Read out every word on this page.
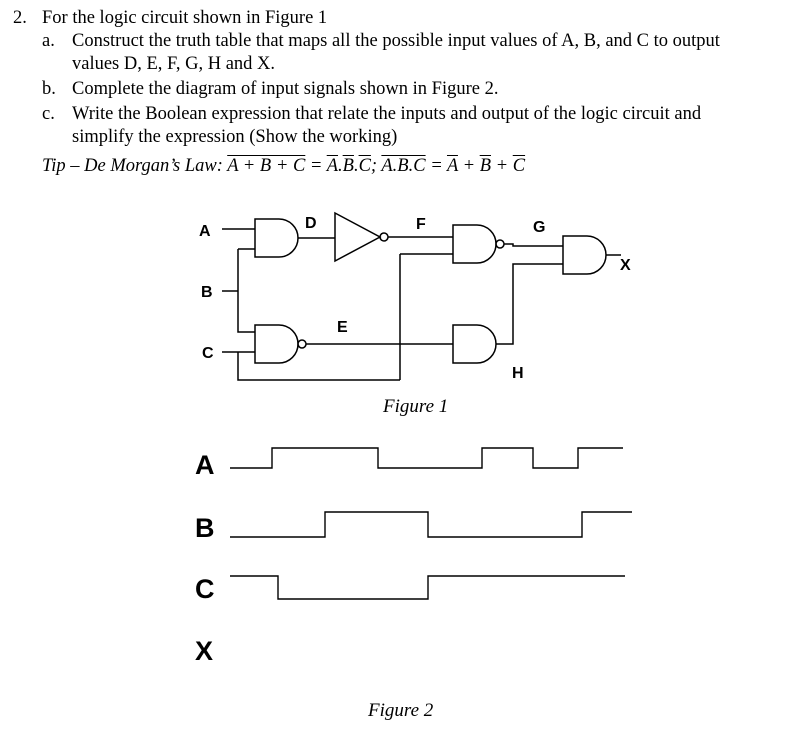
2. For the logic circuit shown in Figure 1
a. Construct the truth table that maps all the possible input values of A, B, and C to output
values D, E, F, G, H and X.
b. Complete the diagram of input signals shown in Figure 2.
c. Write the Boolean expression that relate the inputs and output of the logic circuit and
simplify the expression (Show the working)
Tip – De Morgan’s Law: $A + B + C = \overline{A}.\overline{B}.\overline{C}$; $A.B.C = \overline{A} + \overline{B} + \overline{C}$
A
B
C
D	F	G
E
H
X
Figure 1
A
B
C
X
Figure 2
